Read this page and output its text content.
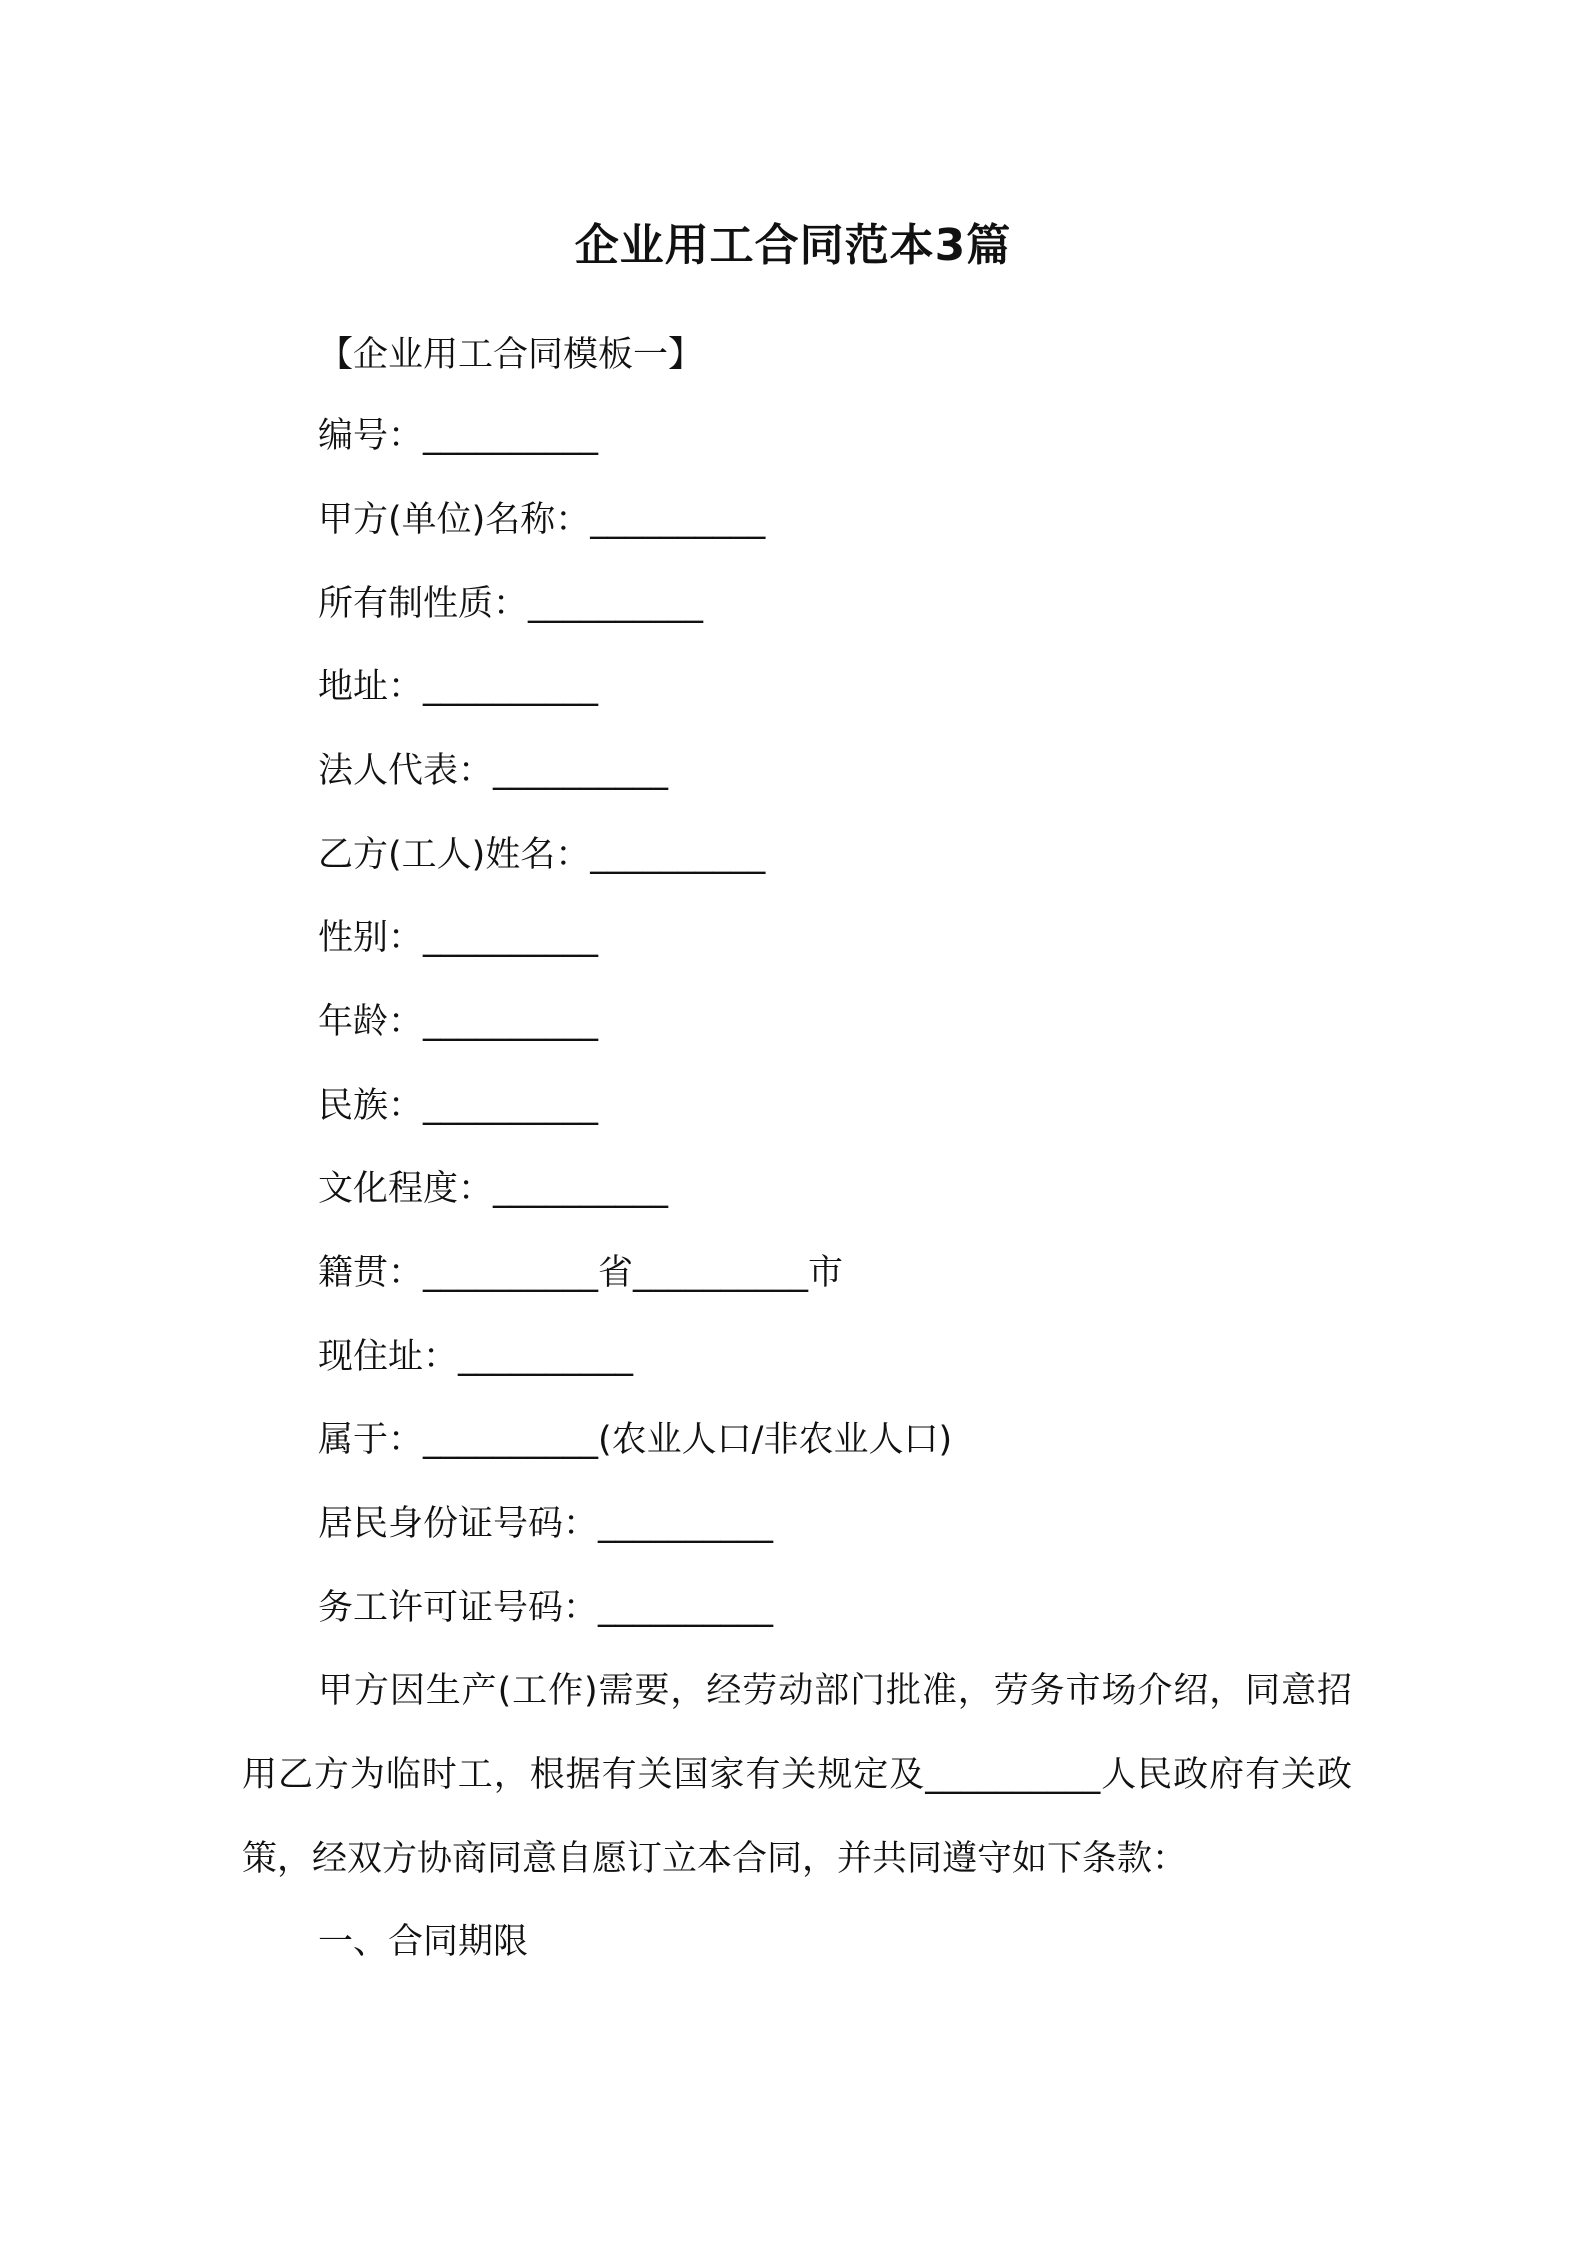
企业用工合同范本3篇

【企业用工合同模板一】

编号：__________

甲方(单位)名称：__________

所有制性质：__________

地址：__________

法人代表：__________

乙方(工人)姓名：__________

性别：__________

年龄：__________

民族：__________

文化程度：__________

籍贯：__________省__________市

现住址：__________

属于：__________(农业人口/非农业人口)

居民身份证号码：__________

务工许可证号码：__________

甲方因生产(工作)需要，经劳动部门批准，劳务市场介绍，同意招用乙方为临时工，根据有关国家有关规定及__________人民政府有关政策，经双方协商同意自愿订立本合同，并共同遵守如下条款：

一、合同期限
